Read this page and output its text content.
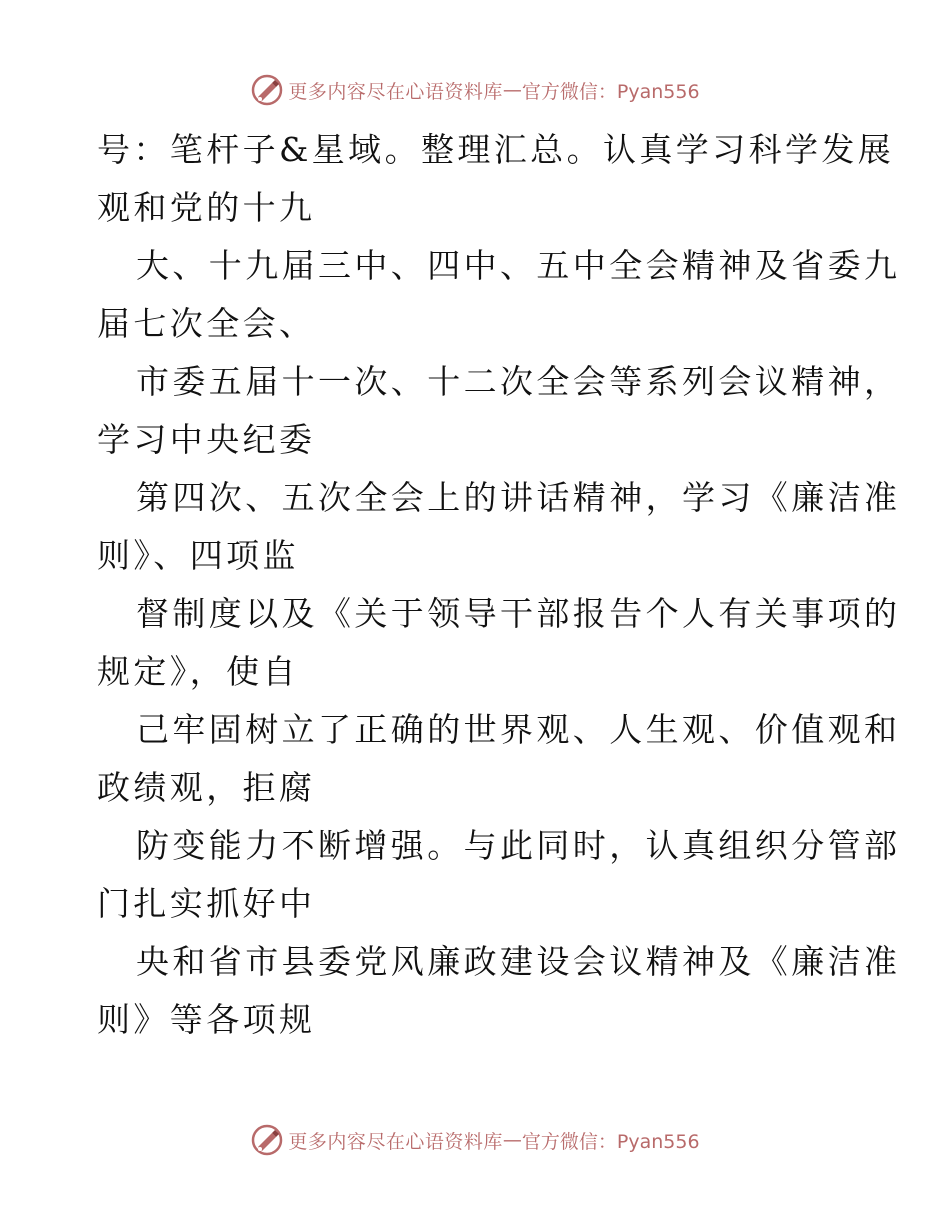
更多内容尽在心语资料库 — 官方微信：Pyan556
号：笔杆子&星域。整理汇总。认真学习科学发展
观和党的十九
大、十九届三中、四中、五中全会精神及省委九
届七次全会、
市委五届十一次、十二次全会等系列会议精神，
学习中央纪委
第四次、五次全会上的讲话精神，学习《廉洁准
则》、四项监
督制度以及《关于领导干部报告个人有关事项的
规定》，使自
己牢固树立了正确的世界观、人生观、价值观和
政绩观，拒腐
防变能力不断增强。与此同时，认真组织分管部
门扎实抓好中
央和省市县委党风廉政建设会议精神及《廉洁准
则》等各项规
更多内容尽在心语资料库 — 官方微信：Pyan556
